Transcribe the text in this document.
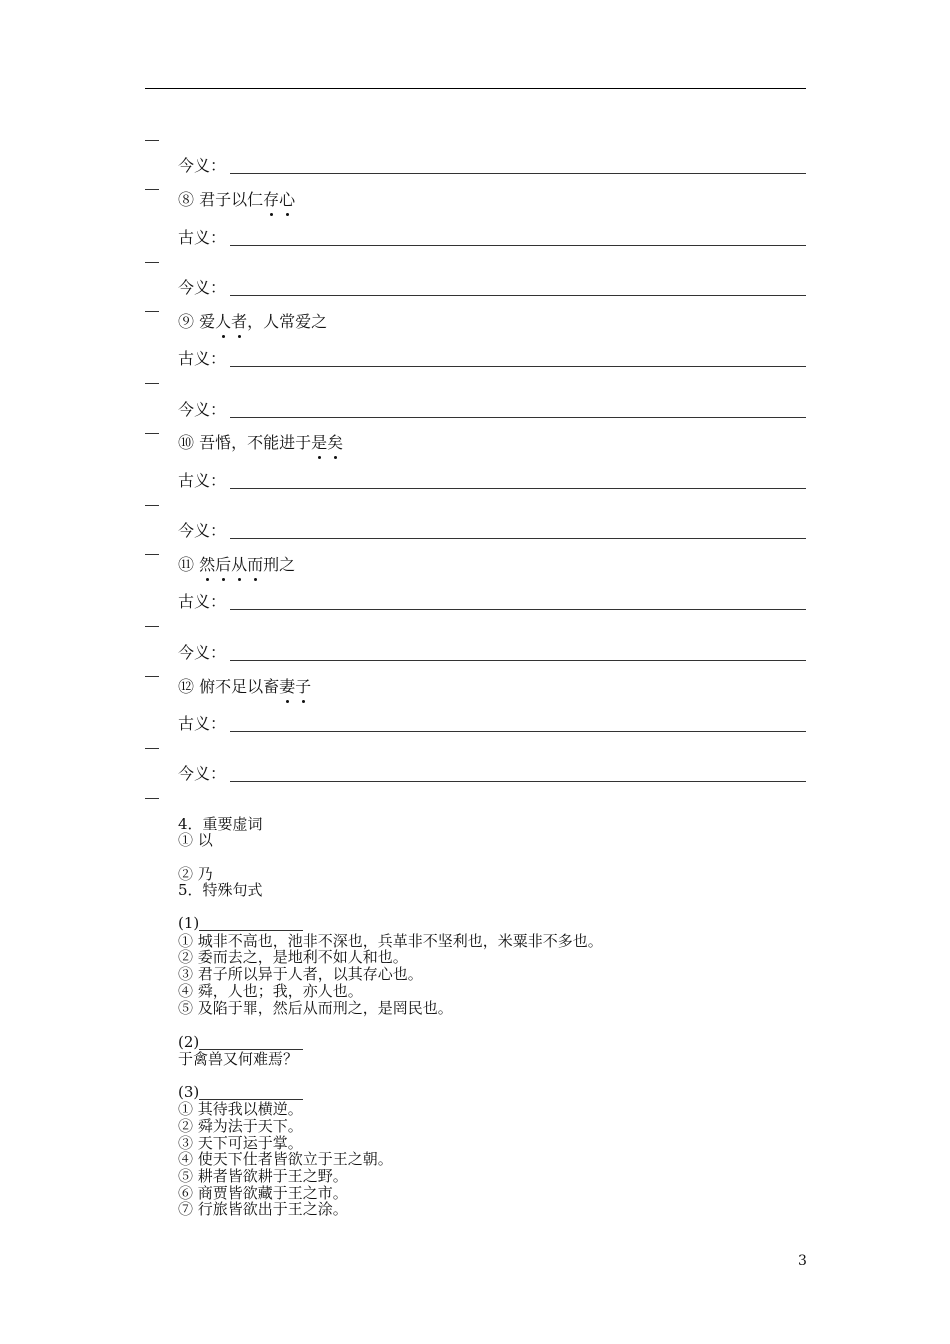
今义：
⑧ 君子以仁存心
古义：
今义：
⑨ 爱人者，人常爱之
古义：
今义：
⑩ 吾惛，不能进于是矣
古义：
今义：
⑪ 然后从而刑之
古义：
今义：
⑫ 俯不足以畜妻子
古义：
今义：
4．重要虚词
① 以
② 乃
5．特殊句式
(1)
① 城非不高也，池非不深也，兵革非不坚利也，米粟非不多也。
② 委而去之，是地利不如人和也。
③ 君子所以异于人者，以其存心也。
④ 舜，人也；我，亦人也。
⑤ 及陷于罪，然后从而刑之，是罔民也。
(2)
于禽兽又何难焉？
(3)
① 其待我以横逆。
② 舜为法于天下。
③ 天下可运于掌。
④ 使天下仕者皆欲立于王之朝。
⑤ 耕者皆欲耕于王之野。
⑥ 商贾皆欲藏于王之市。
⑦ 行旅皆欲出于王之涂。
3
